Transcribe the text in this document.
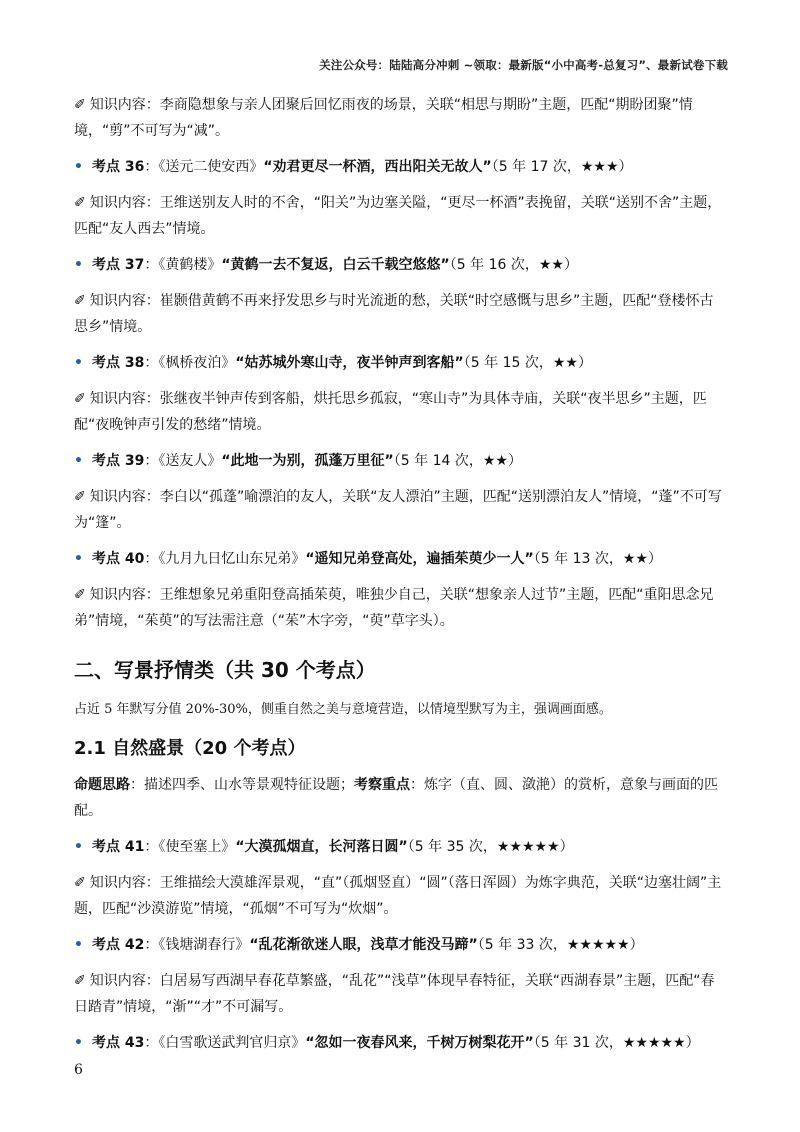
关注公众号：陆陆高分冲刺 ~领取：最新版“小中高考-总复习”、最新试卷下载

✐ 知识内容：李商隐想象与亲人团聚后回忆雨夜的场景，关联“相思与期盼”主题，匹配“期盼团聚”情境，“剪”不可写为“减”。

• 考点 36：《送元二使安西》“劝君更尽一杯酒，西出阳关无故人”（5 年 17 次，★★★）

✐ 知识内容：王维送别友人时的不舍，“阳关”为边塞关隘，“更尽一杯酒”表挽留，关联“送别不舍”主题，匹配“友人西去”情境。

• 考点 37：《黄鹤楼》“黄鹤一去不复返，白云千载空悠悠”（5 年 16 次，★★）

✐ 知识内容：崔颢借黄鹤不再来抒发思乡与时光流逝的愁，关联“时空感慨与思乡”主题，匹配“登楼怀古思乡”情境。

• 考点 38：《枫桥夜泊》“姑苏城外寒山寺，夜半钟声到客船”（5 年 15 次，★★）

✐ 知识内容：张继夜半钟声传到客船，烘托思乡孤寂，“寒山寺”为具体寺庙，关联“夜半思乡”主题，匹配“夜晚钟声引发的愁绪”情境。

• 考点 39：《送友人》“此地一为别，孤蓬万里征”（5 年 14 次，★★）

✐ 知识内容：李白以“孤蓬”喻漂泊的友人，关联“友人漂泊”主题，匹配“送别漂泊友人”情境，“蓬”不可写为“篷”。

• 考点 40：《九月九日忆山东兄弟》“遥知兄弟登高处，遍插茱萸少一人”（5 年 13 次，★★）

✐ 知识内容：王维想象兄弟重阳登高插茱萸，唯独少自己，关联“想象亲人过节”主题，匹配“重阳思念兄弟”情境，“茱萸”的写法需注意（“茱”木字旁，“萸”草字头）。

二、写景抒情类（共 30 个考点）

占近 5 年默写分值 20%-30%，侧重自然之美与意境营造，以情境型默写为主，强调画面感。

2.1 自然盛景（20 个考点）

命题思路：描述四季、山水等景观特征设题；考察重点：炼字（直、圆、潋滟）的赏析，意象与画面的匹配。

• 考点 41：《使至塞上》“大漠孤烟直，长河落日圆”（5 年 35 次，★★★★★）

✐ 知识内容：王维描绘大漠雄浑景观，“直”（孤烟竖直）“圆”（落日浑圆）为炼字典范，关联“边塞壮阔”主题，匹配“沙漠游览”情境，“孤烟”不可写为“炊烟”。

• 考点 42：《钱塘湖春行》“乱花渐欲迷人眼，浅草才能没马蹄”（5 年 33 次，★★★★★）

✐ 知识内容：白居易写西湖早春花草繁盛，“乱花”“浅草”体现早春特征，关联“西湖春景”主题，匹配“春日踏青”情境，“渐”“才”不可漏写。

• 考点 43：《白雪歌送武判官归京》“忽如一夜春风来，千树万树梨花开”（5 年 31 次，★★★★★）

6
